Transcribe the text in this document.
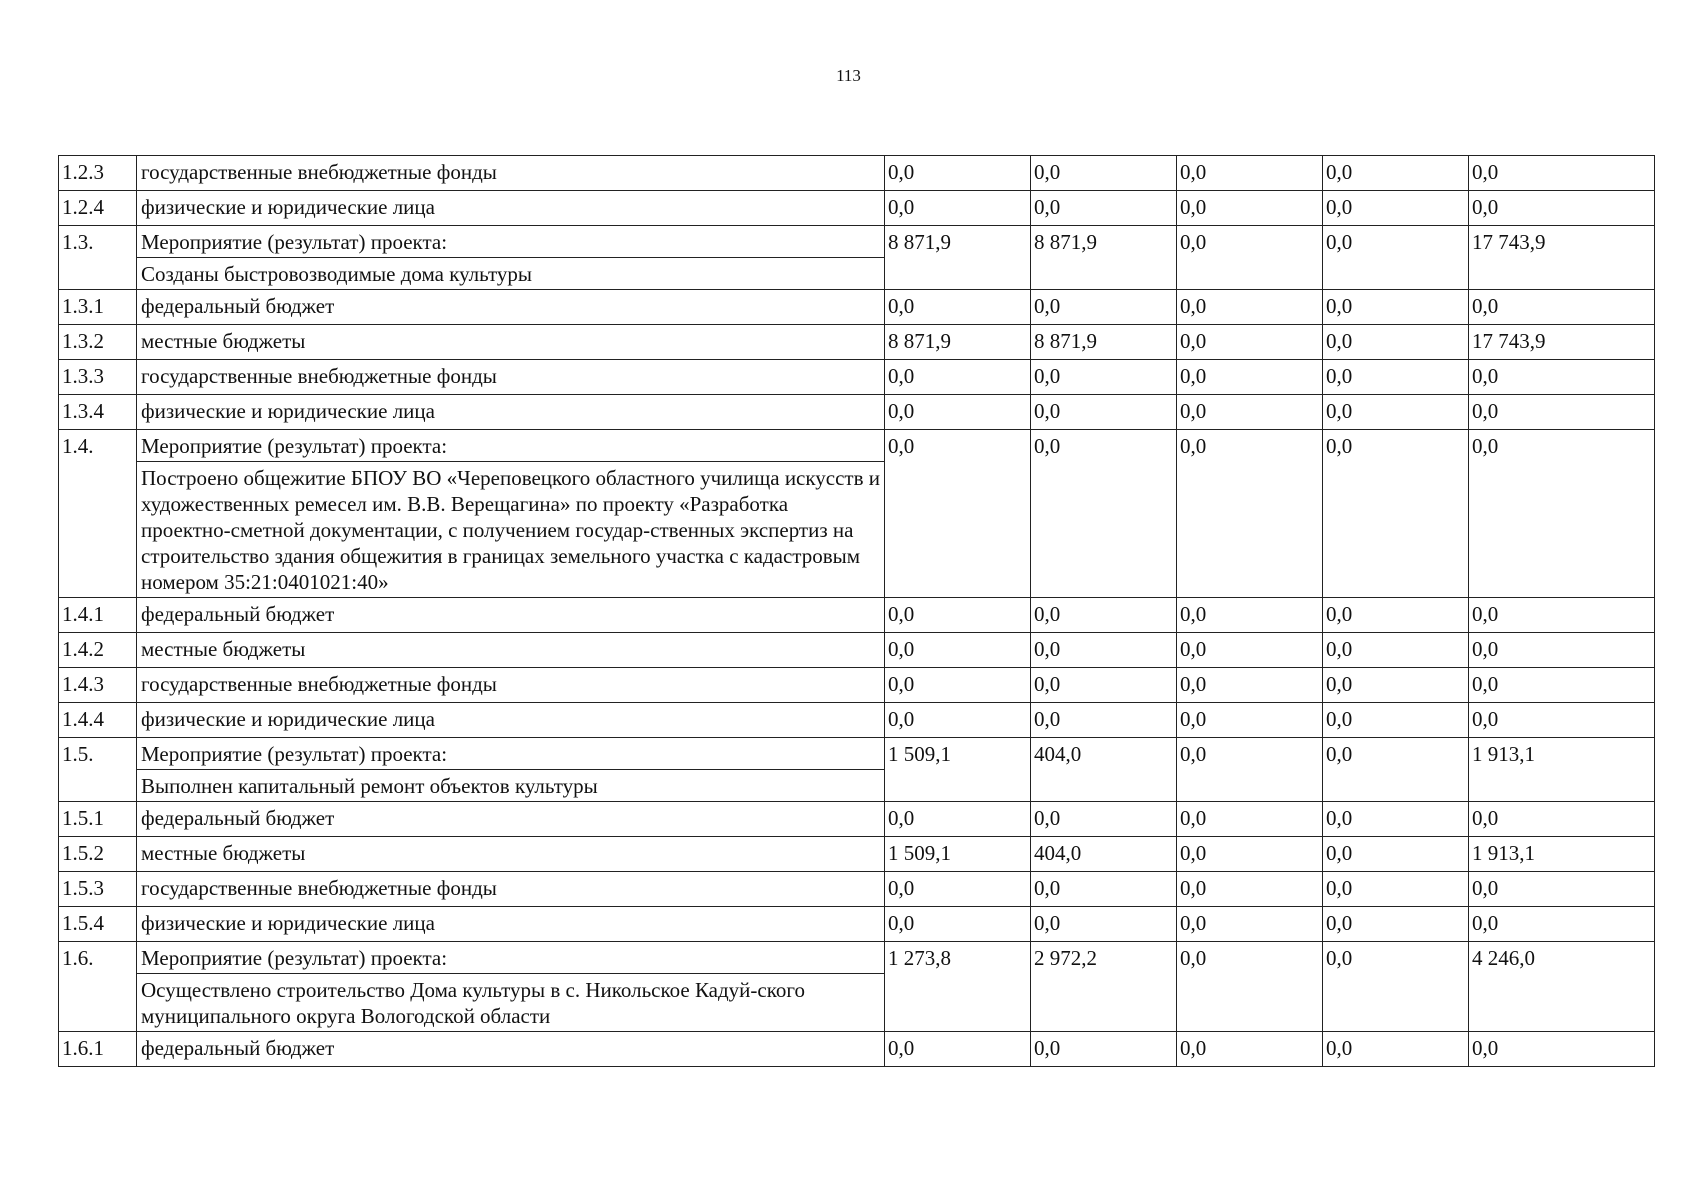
113
1.2.3	государственные внебюджетные фонды	0,0	0,0	0,0	0,0	0,0
1.2.4	физические и юридические лица	0,0	0,0	0,0	0,0	0,0
1.3.	Мероприятие (результат) проекта:	8 871,9	8 871,9	0,0	0,0	17 743,9
	Созданы быстровозводимые дома культуры					
1.3.1	федеральный бюджет	0,0	0,0	0,0	0,0	0,0
1.3.2	местные бюджеты	8 871,9	8 871,9	0,0	0,0	17 743,9
1.3.3	государственные внебюджетные фонды	0,0	0,0	0,0	0,0	0,0
1.3.4	физические и юридические лица	0,0	0,0	0,0	0,0	0,0
1.4.	Мероприятие (результат) проекта:	0,0	0,0	0,0	0,0	0,0
	Построено общежитие БПОУ ВО «Череповецкого областного училища искусств и художественных ремесел им. В.В. Верещагина» по проекту «Разработка проектно-сметной документации, с получением государ-ственных экспертиз на строительство здания общежития в границах земельного участка с кадастровым номером 35:21:0401021:40»					
1.4.1	федеральный бюджет	0,0	0,0	0,0	0,0	0,0
1.4.2	местные бюджеты	0,0	0,0	0,0	0,0	0,0
1.4.3	государственные внебюджетные фонды	0,0	0,0	0,0	0,0	0,0
1.4.4	физические и юридические лица	0,0	0,0	0,0	0,0	0,0
1.5.	Мероприятие (результат) проекта:	1 509,1	404,0	0,0	0,0	1 913,1
	Выполнен капитальный ремонт объектов культуры					
1.5.1	федеральный бюджет	0,0	0,0	0,0	0,0	0,0
1.5.2	местные бюджеты	1 509,1	404,0	0,0	0,0	1 913,1
1.5.3	государственные внебюджетные фонды	0,0	0,0	0,0	0,0	0,0
1.5.4	физические и юридические лица	0,0	0,0	0,0	0,0	0,0
1.6.	Мероприятие (результат) проекта:	1 273,8	2 972,2	0,0	0,0	4 246,0
	Осуществлено строительство Дома культуры в с. Никольское Кадуй-ского муниципального округа Вологодской области					
1.6.1	федеральный бюджет	0,0	0,0	0,0	0,0	0,0
